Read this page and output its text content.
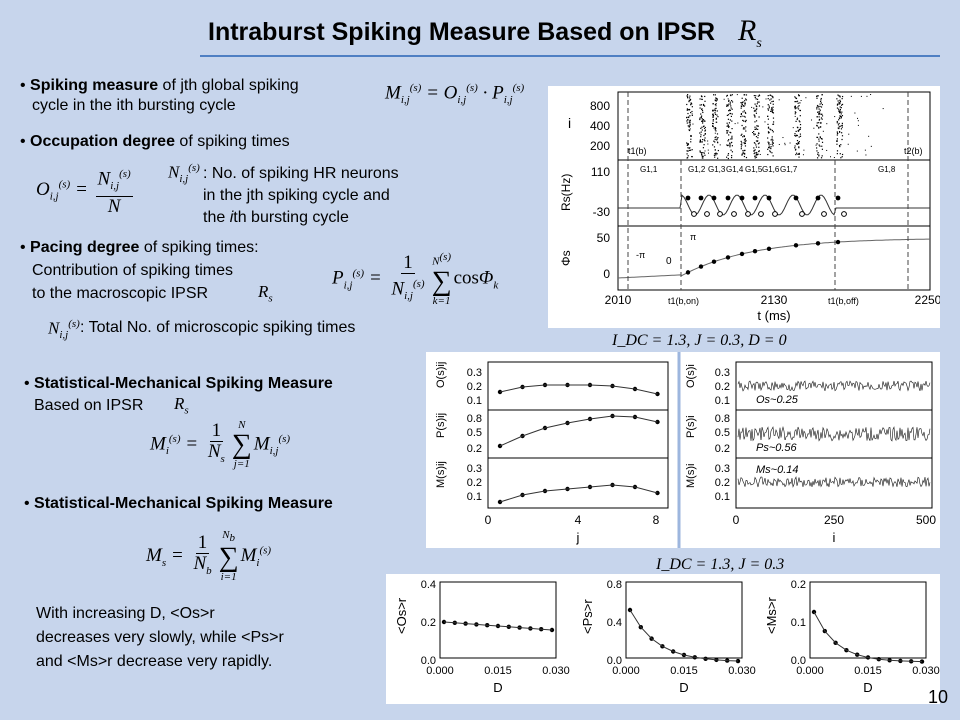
Intraburst Spiking Measure Based on IPSR $R_s$
• Spiking measure of jth global spiking
cycle in the ith bursting cycle
$M_{i,j}^{(s)} = O_{i,j}^{(s)} \cdot P_{i,j}^{(s)}$
• Occupation degree of spiking times
$O_{i,j}^{(s)} = \frac{N_{i,j}^{(s)}}{N} N_{i,j}^{(s)}$ : No. of spiking HR neurons
in the jth spiking cycle and
the ith bursting cycle
• Pacing degree of spiking times:
Contribution of spiking times
to the macroscopic IPSR	$R_s$
$P_{i,j}^{(s)} = \frac{1}{N_{i,j}^{(s)}} N^{(s)}$
∑
k=1
cosΦ$_k$
$N_{i,j}^{(s)}$ : Total No. of microscopic spiking times
• Statistical-Mechanical Spiking Measure
Based on IPSR $R_s$
$M_i^{(s)} = \frac{1}{N_s}$ N
∑
j=1
$M_{i,j}^{(s)}$
• Statistical-Mechanical Spiking Measure
$M_s = \frac{1}{N_b} N_b$
∑
i=1
$M_i^{(s)}$
With increasing D, <Os>r
decreases very slowly, while <Ps>r
and <Ms>r decrease very rapidly.
800
400
200
110
-30
50
0
2010	2130	2250
t (ms)
i
Rs(Hz)
Φs
G1,1	G1,2 G1,3 G1,4 G1,5 G1,6 G1,7	G1,8
t1(b)	t2(b)
t1(b,on)	t1(b,off)
-π
0
π
I_DC = 1.3, J = 0.3, D = 0
0.3
0.2
0.1
0.8
0.5
0.2
0.3
0.2
0.1
0.3
0.2
0.1
0.8
0.5
0.2
0.3
0.2
0.1
O(s)ij
P(s)ij
M(s)ij
O(s)i
P(s)i
M(s)i
0	4	8
j
0	250	500
i
Os~0.25
Ps~0.56
Ms~0.14
I_DC = 1.3, J = 0.3
0.4
0.2
0.0
<Os>r
0.000	0.015	0.030
D
0.8
0.4
0.0
<Ps>r
0.000	0.015	0.030
D
0.2
0.1
0.0
<Ms>r
0.000	0.015	0.030
D	10
